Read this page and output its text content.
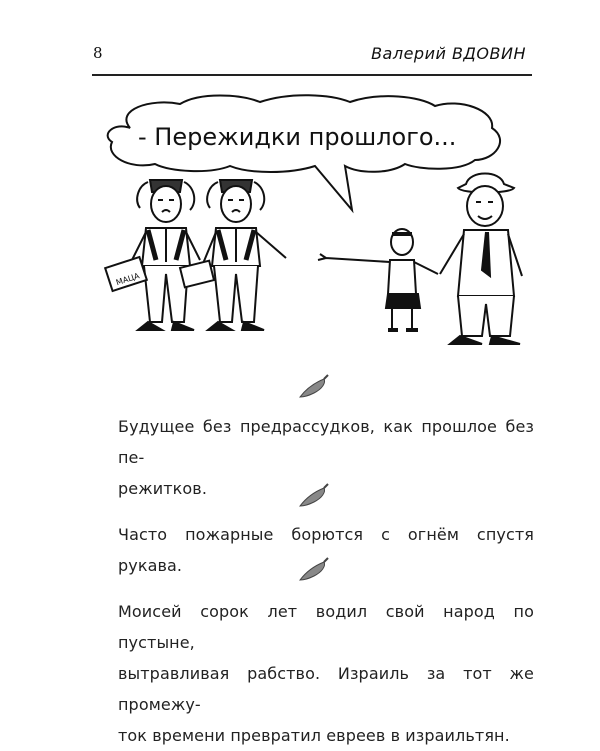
8	Валерий ВДОВИН
- Пережидки прошлого...
МАЦА
Будущее без предрассудков, как прошлое без пе-
режитков.
Часто пожарные борются с огнём спустя рукава.
Моисей сорок лет водил свой народ по пустыне,
вытравливая рабство. Израиль за тот же промежу-
ток времени превратил евреев в израильтян.
